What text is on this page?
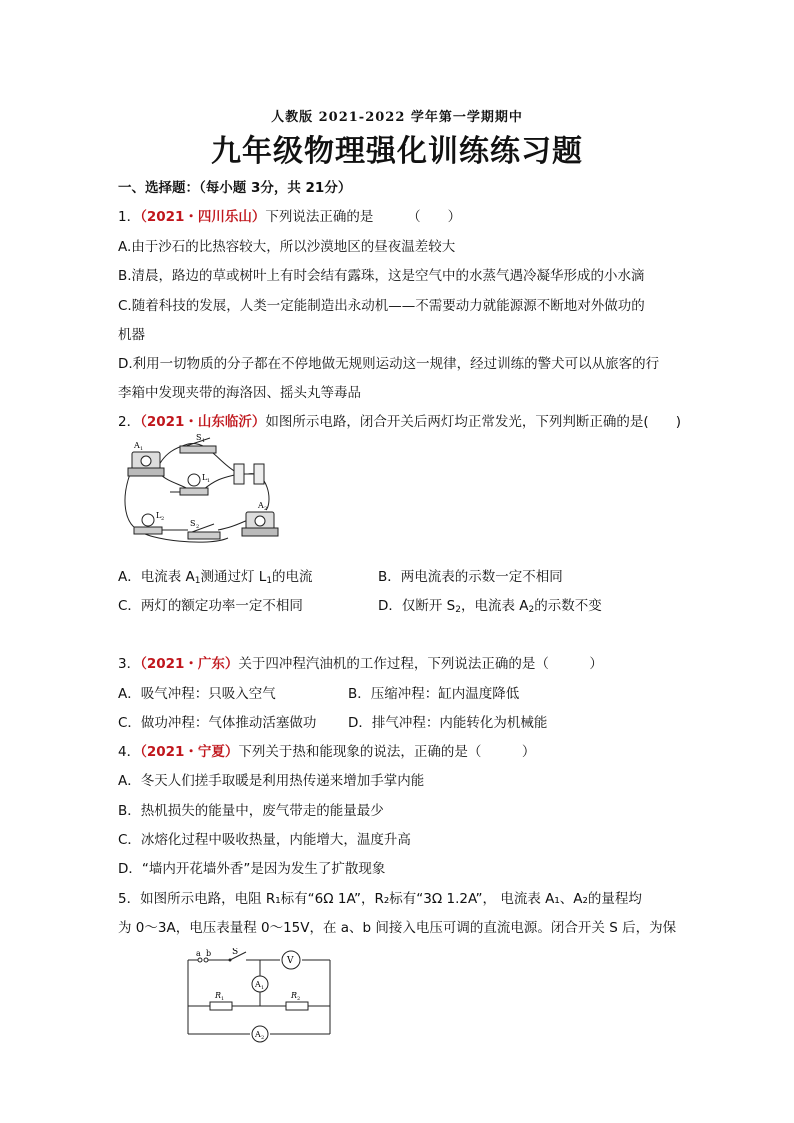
人教版 2021-2022 学年第一学期期中
九年级物理强化训练练习题
一、选择题：（每小题 3分，共 21分）
1．（2021・四川乐山）下列说法正确的是　　　（　　）
A.由于沙石的比热容较大，所以沙漠地区的昼夜温差较大
B.清晨，路边的草或树叶上有时会结有露珠，这是空气中的水蒸气遇冷凝华形成的小水滴
C.随着科技的发展，人类一定能制造出永动机——不需要动力就能源源不断地对外做功的
机器
D.利用一切物质的分子都在不停地做无规则运动这一规律，经过训练的警犬可以从旅客的行
李箱中发现夹带的海洛因、摇头丸等毒品
2．（2021・山东临沂）如图所示电路，闭合开关后两灯均正常发光，下列判断正确的是(　　)
A 1
S 1
L 1
L 2	S 2
A 2
A．电流表 $A_1$测通过灯 $L_1$的电流	B．两电流表的示数一定不相同
C．两灯的额定功率一定不相同	D．仅断开 $S_2$，电流表 $A_2$的示数不变
3．（2021・广东）关于四冲程汽油机的工作过程，下列说法正确的是（　　　）
A．吸气冲程：只吸入空气	B．压缩冲程：缸内温度降低
C．做功冲程：气体推动活塞做功 D．排气冲程：内能转化为机械能
4．（2021・宁夏）下列关于热和能现象的说法，正确的是（　　　）
A．冬天人们搓手取暖是利用热传递来增加手掌内能
B．热机损失的能量中，废气带走的能量最少
C．冰熔化过程中吸收热量，内能增大，温度升高
D．“墙内开花墙外香”是因为发生了扩散现象
5．如图所示电路，电阻 R₁标有“6Ω 1A”，R₂标有“3Ω 1.2A”， 电流表 A₁、A₂的量程均
为 0～3A，电压表量程 0～15V，在 a、b 间接入电压可调的直流电源。闭合开关 S 后，为保
a b S
V
A 1
R 1	R 2
A 2
